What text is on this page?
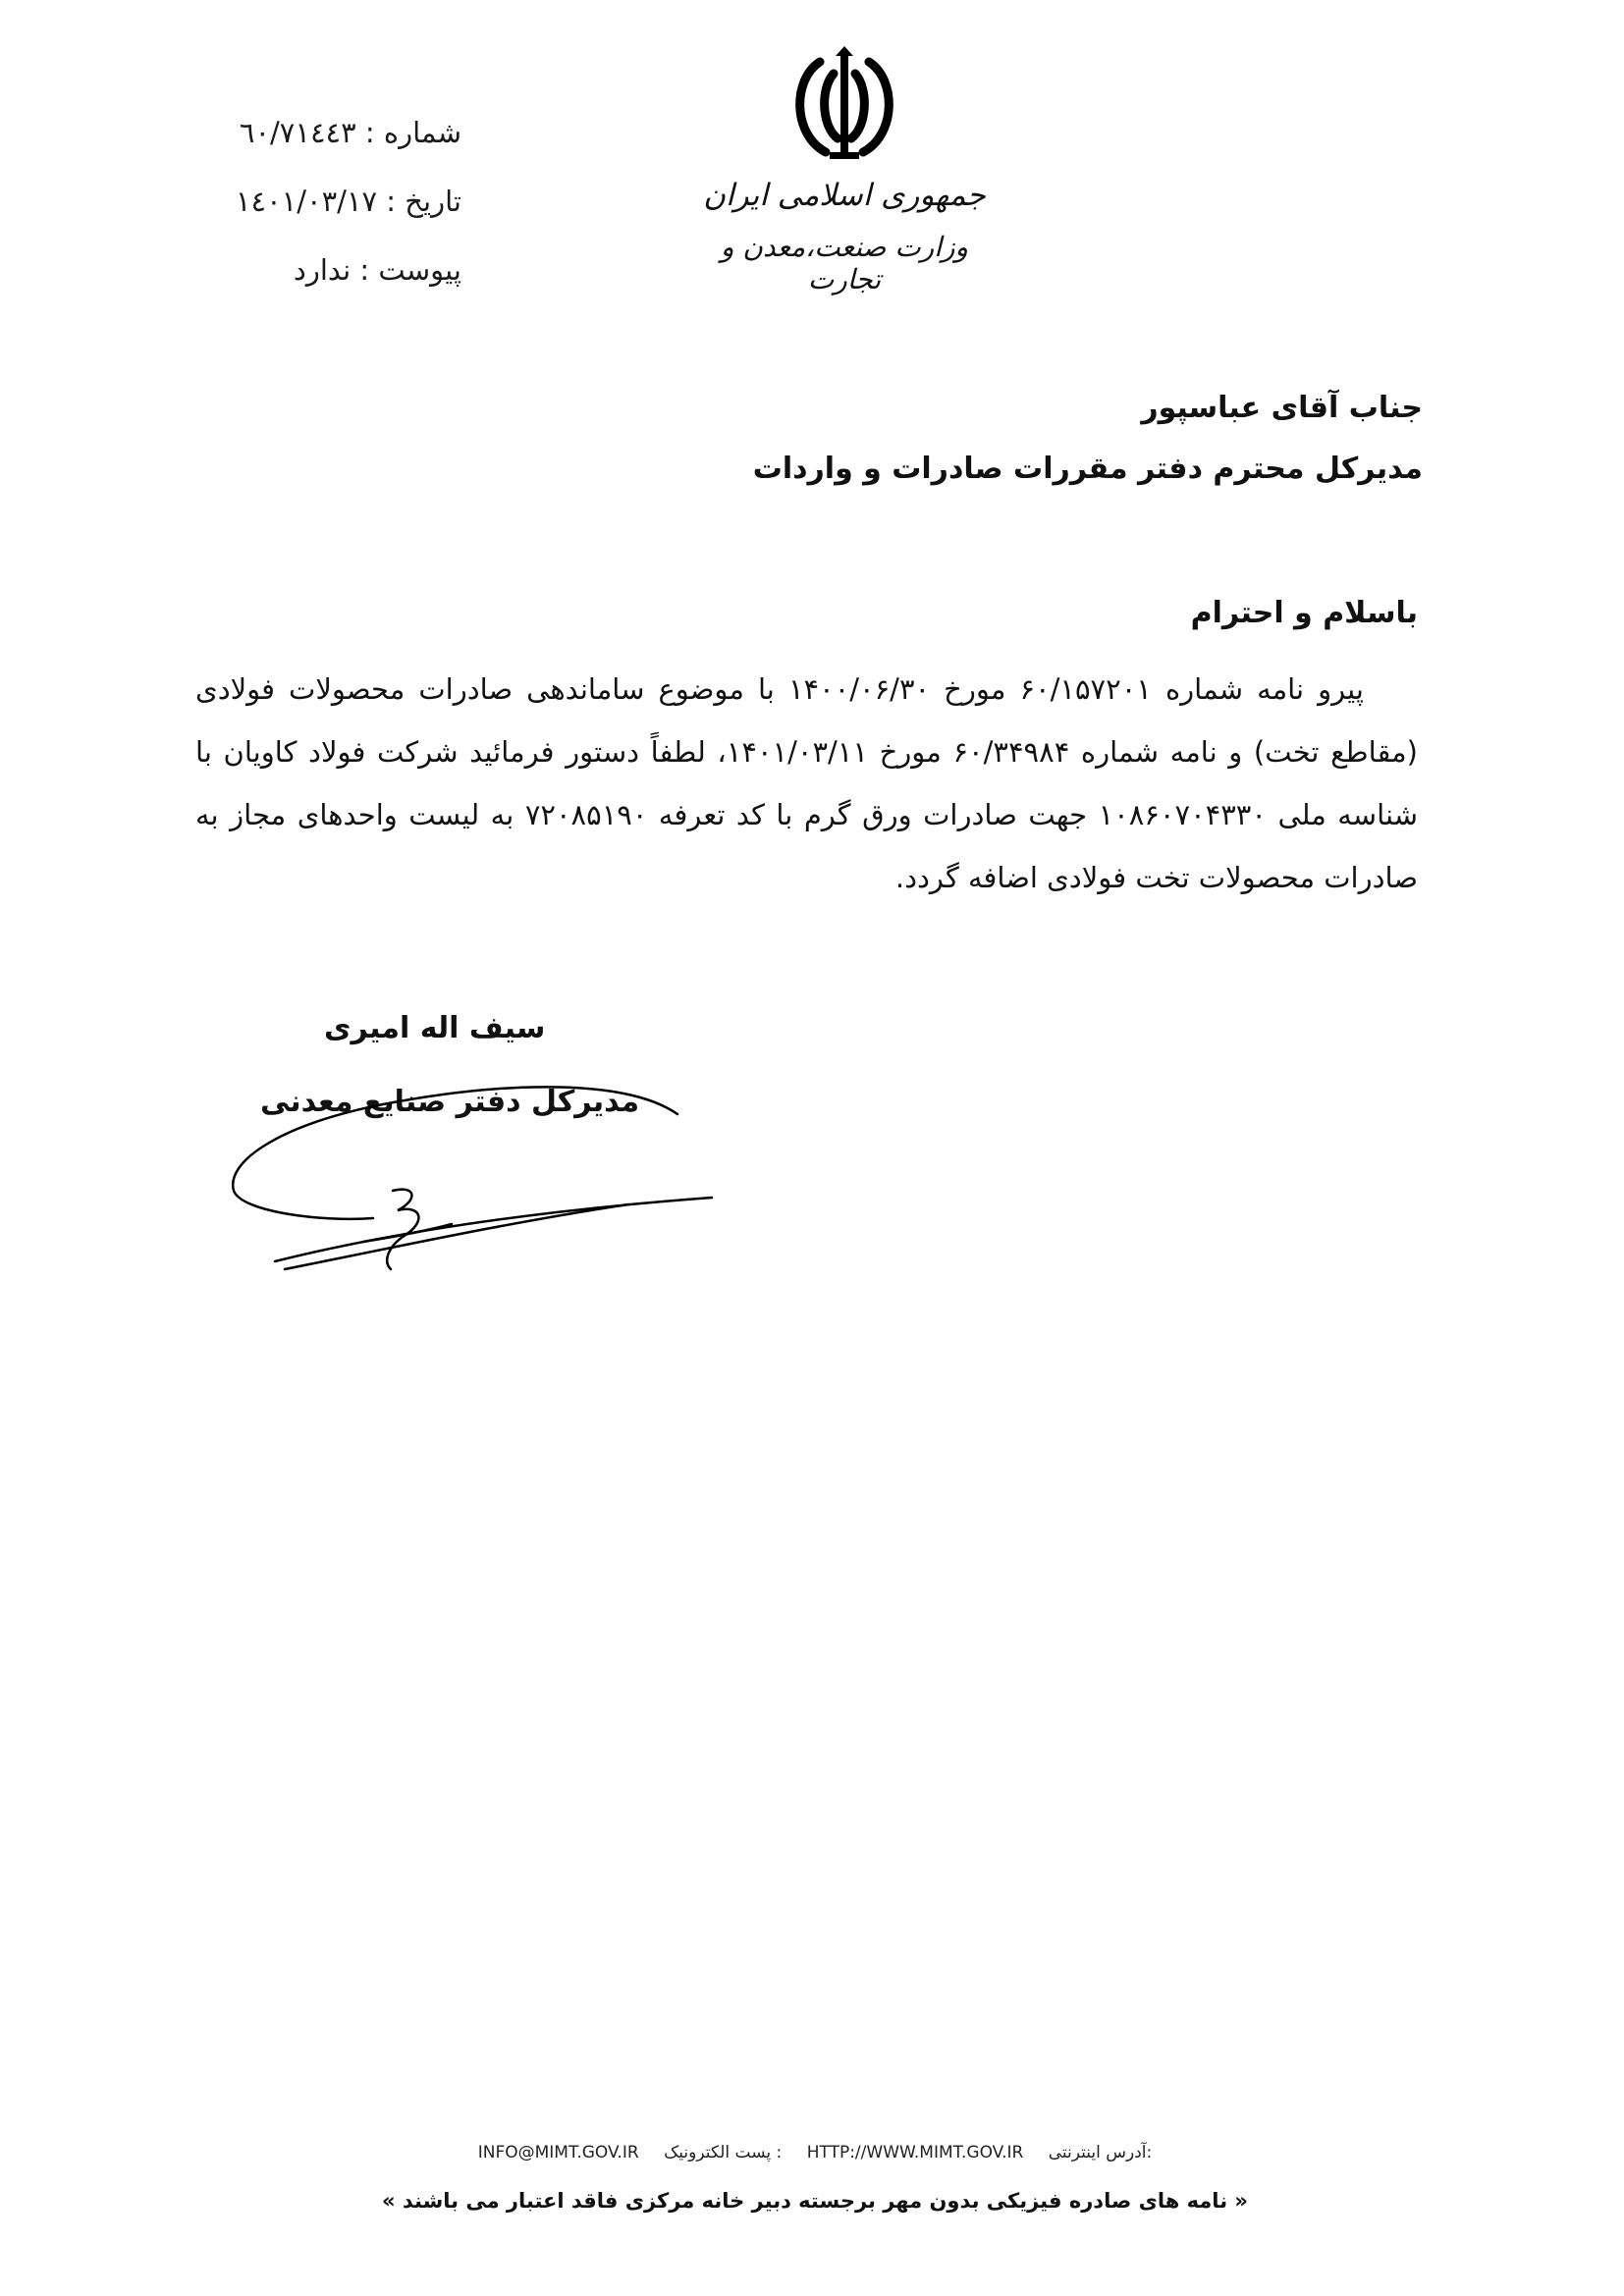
شماره : ٦٠/٧١٤٤٣
تاریخ : ١٤٠١/٠٣/١٧
پیوست : ندارد
جمهوری اسلامی ایران
وزارت صنعت،معدن و تجارت
جناب آقای عباسپور
مدیرکل محترم دفتر مقررات صادرات و واردات
باسلام و احترام
پیرو نامه شماره ۶۰/۱۵۷۲۰۱ مورخ ۱۴۰۰/۰۶/۳۰ با موضوع ساماندهی صادرات محصولات فولادی (مقاطع تخت) و نامه شماره ۶۰/۳۴۹۸۴ مورخ ۱۴۰۱/۰۳/۱۱، لطفاً دستور فرمائید شرکت فولاد کاویان با شناسه ملی ۱۰۸۶۰۷۰۴۳۳۰ جهت صادرات ورق گرم با کد تعرفه ۷۲۰۸۵۱۹۰ به لیست واحدهای مجاز به صادرات محصولات تخت فولادی اضافه گردد.
سیف اله امیری
مدیرکل دفتر صنایع معدنی
INFO@MIMT.GOV.IR پست الکترونیک : HTTP://WWW.MIMT.GOV.IR آدرس اینترنتی:
« نامه های صادره فیزیکی بدون مهر برجسته دبیر خانه مرکزی فاقد اعتبار می باشند »
